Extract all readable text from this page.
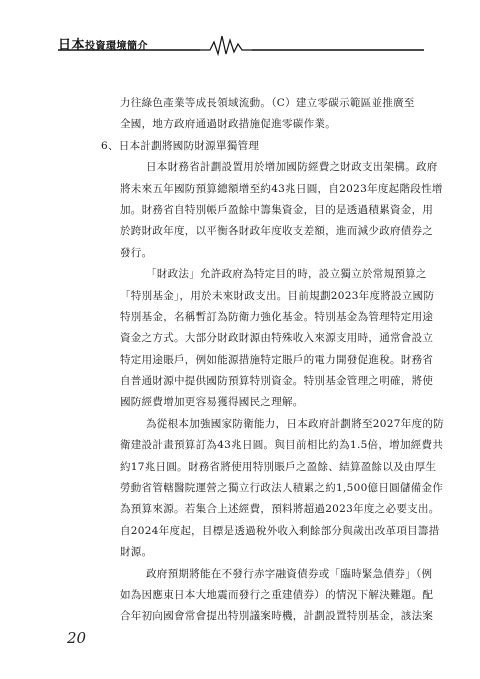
日本投資環境簡介
力往綠色產業等成長領域流動。（C）建立零碳示範區並推廣至
全國，地方政府通過財政措施促進零碳作業。
6、日本計劃將國防財源單獨管理
日本財務省計劃設置用於增加國防經費之財政支出架構。政府
將未來五年國防預算總額增至約43兆日圓，自2023年度起階段性增
加。財務省自特別帳戶盈餘中籌集資金，目的是透過積累資金，用
於跨財政年度，以平衡各財政年度收支差額，進而減少政府債券之
發行。
「財政法」允許政府為特定目的時，設立獨立於常規預算之
「特別基金」，用於未來財政支出。目前規劃2023年度將設立國防
特別基金，名稱暫訂為防衛力強化基金。特別基金為管理特定用途
資金之方式。大部分財政財源由特殊收入來源支用時，通常會設立
特定用途賬戶，例如能源措施特定賬戶的電力開發促進稅。財務省
自普通財源中提供國防預算特別資金。特別基金管理之明確，將使
國防經費增加更容易獲得國民之理解。
為從根本加強國家防衛能力，日本政府計劃將至2027年度的防
衛建設計畫預算訂為43兆日圓。與目前相比約為1.5倍，增加經費共
約17兆日圓。財務省將使用特別賬戶之盈餘、結算盈餘以及由厚生
勞動省管轄醫院運營之獨立行政法人積累之約1,500億日圓儲備金作
為預算來源。若集合上述經費，預料將超過2023年度之必要支出。
自2024年度起，目標是透過稅外收入剩餘部分與歲出改革項目籌措
財源。
政府預期將能在不發行赤字融資債券或「臨時緊急債券」（例
如為因應東日本大地震而發行之重建債券）的情況下解決難題。配
合年初向國會常會提出特別議案時機，計劃設置特別基金，該法案
20
